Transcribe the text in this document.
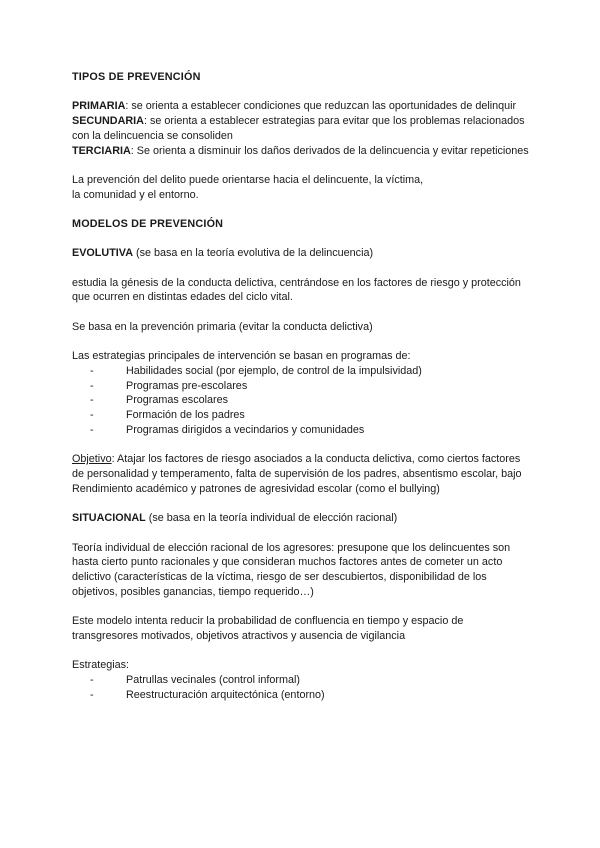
TIPOS DE PREVENCIÓN

PRIMARIA: se orienta a establecer condiciones que reduzcan las oportunidades de delinquir

SECUNDARIA: se orienta a establecer estrategias para evitar que los problemas relacionados con la delincuencia se consoliden

TERCIARIA: Se orienta a disminuir los daños derivados de la delincuencia y evitar repeticiones

La prevención del delito puede orientarse hacia el delincuente, la víctima,

la comunidad y el entorno.

MODELOS DE PREVENCIÓN

EVOLUTIVA (se basa en la teoría evolutiva de la delincuencia)

estudia la génesis de la conducta delictiva, centrándose en los factores de riesgo y protección que ocurren en distintas edades del ciclo vital.

Se basa en la prevención primaria (evitar la conducta delictiva)

Las estrategias principales de intervención se basan en programas de:

-	Habilidades social (por ejemplo, de control de la impulsividad)
-	Programas pre-escolares
-	Programas escolares
-	Formación de los padres
-	Programas dirigidos a vecindarios y comunidades

Objetivo: Atajar los factores de riesgo asociados a la conducta delictiva, como ciertos factores de personalidad y temperamento, falta de supervisión de los padres, absentismo escolar, bajo Rendimiento académico y patrones de agresividad escolar (como el bullying)

SITUACIONAL (se basa en la teoría individual de elección racional)

Teoría individual de elección racional de los agresores: presupone que los delincuentes son hasta cierto punto racionales y que consideran muchos factores antes de cometer un acto delictivo (características de la víctima, riesgo de ser descubiertos, disponibilidad de los objetivos, posibles ganancias, tiempo requerido…)

Este modelo intenta reducir la probabilidad de confluencia en tiempo y espacio de transgresores motivados, objetivos atractivos y ausencia de vigilancia

Estrategias:

-	Patrullas vecinales (control informal)
-	Reestructuración arquitectónica (entorno)
